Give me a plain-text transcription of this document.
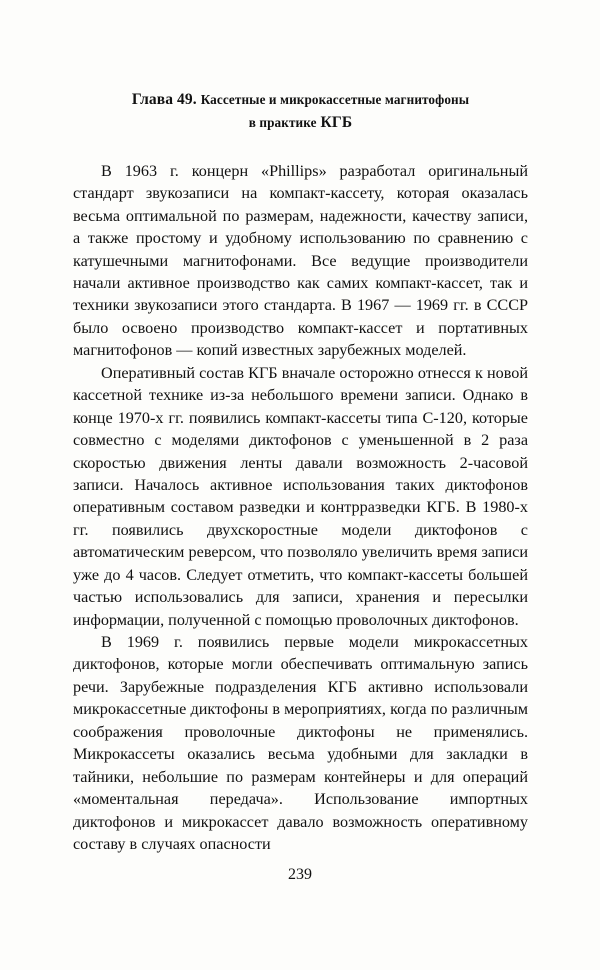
Глава 49. Кассетные и микрокассетные магнитофоны
в практике КГБ

В 1963 г. концерн «Phillips» разработал оригинальный стандарт звукозаписи на компакт-кассету, которая оказалась весьма оптимальной по размерам, надежности, качеству записи, а также простому и удобному использованию по сравнению с катушечными магнитофонами. Все ведущие производители начали активное производство как самих компакт-кассет, так и техники звукозаписи этого стандарта. В 1967 — 1969 гг. в СССР было освоено производство компакт-кассет и портативных магнитофонов — копий известных зарубежных моделей.

Оперативный состав КГБ вначале осторожно отнесся к новой кассетной технике из-за небольшого времени записи. Однако в конце 1970-х гг. появились компакт-кассеты типа С-120, которые совместно с моделями диктофонов с уменьшенной в 2 раза скоростью движения ленты давали возможность 2-часовой записи. Началось активное использования таких диктофонов оперативным составом разведки и контрразведки КГБ. В 1980-х гг. появились двухскоростные модели диктофонов с автоматическим реверсом, что позволяло увеличить время записи уже до 4 часов. Следует отметить, что компакт-кассеты большей частью использовались для записи, хранения и пересылки информации, полученной с помощью проволочных диктофонов.

В 1969 г. появились первые модели микрокассетных диктофонов, которые могли обеспечивать оптимальную запись речи. Зарубежные подразделения КГБ активно использовали микрокассетные диктофоны в мероприятиях, когда по различным соображения проволочные диктофоны не применялись. Микрокассеты оказались весьма удобными для закладки в тайники, небольшие по размерам контейнеры и для операций «моментальная передача». Использование импортных диктофонов и микрокассет давало возможность оперативному составу в случаях опасности

239
